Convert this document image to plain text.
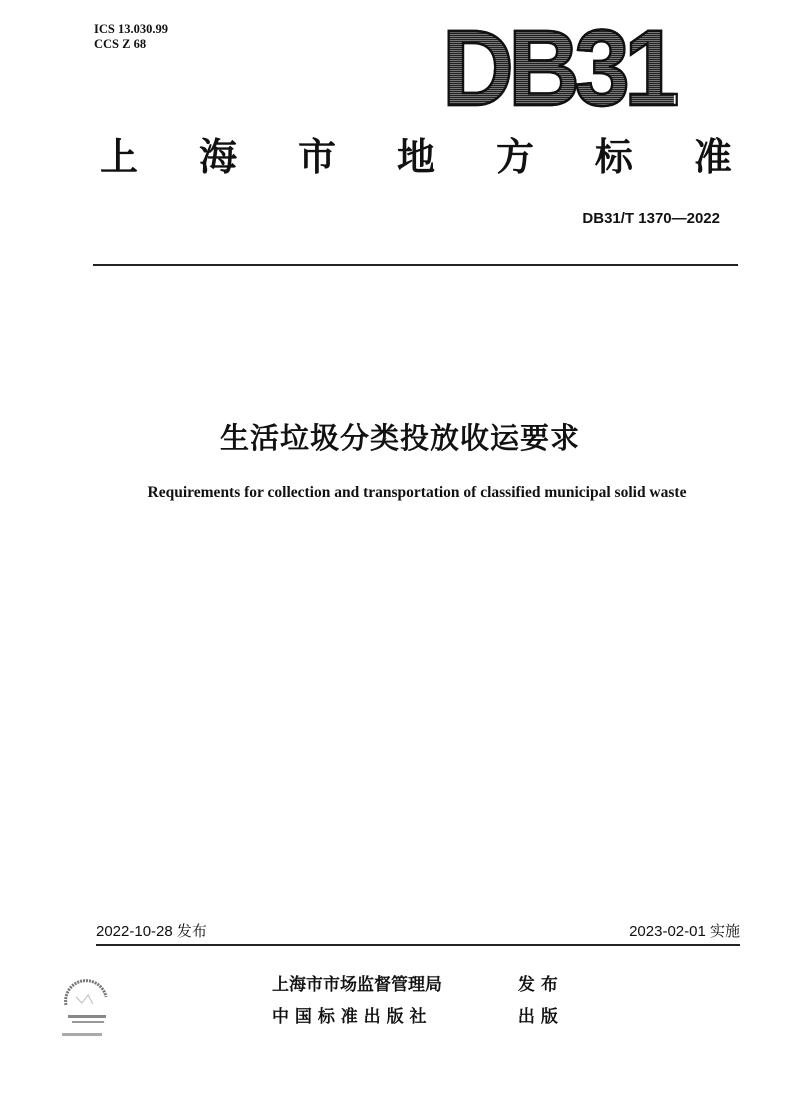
ICS 13.030.99
CCS Z 68	DB31
上 海 市 地 方 标 准
DB31/T 1370—2022
生活垃圾分类投放收运要求
Requirements for collection and transportation of classified municipal solid waste
2022-10-28 发布	2023-02-01 实施
上海市市场监督管理局	发 布
中 国 标 准 出 版 社	出 版
